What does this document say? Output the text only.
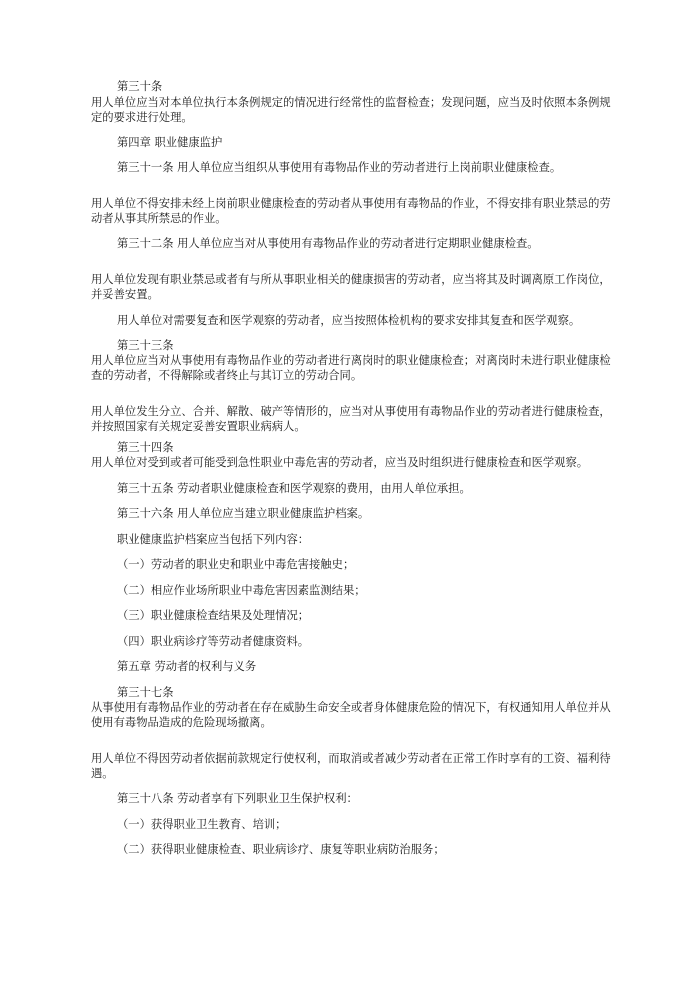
第三十条
用人单位应当对本单位执行本条例规定的情况进行经常性的监督检查；发现问题，应当及时依照本条例规
定的要求进行处理。
第四章 职业健康监护
第三十一条 用人单位应当组织从事使用有毒物品作业的劳动者进行上岗前职业健康检查。
用人单位不得安排未经上岗前职业健康检查的劳动者从事使用有毒物品的作业，不得安排有职业禁忌的劳
动者从事其所禁忌的作业。
第三十二条 用人单位应当对从事使用有毒物品作业的劳动者进行定期职业健康检查。
用人单位发现有职业禁忌或者有与所从事职业相关的健康损害的劳动者，应当将其及时调离原工作岗位，
并妥善安置。
用人单位对需要复查和医学观察的劳动者，应当按照体检机构的要求安排其复查和医学观察。
第三十三条
用人单位应当对从事使用有毒物品作业的劳动者进行离岗时的职业健康检查；对离岗时未进行职业健康检
查的劳动者，不得解除或者终止与其订立的劳动合同。
用人单位发生分立、合并、解散、破产等情形的，应当对从事使用有毒物品作业的劳动者进行健康检查，
并按照国家有关规定妥善安置职业病病人。
第三十四条
用人单位对受到或者可能受到急性职业中毒危害的劳动者，应当及时组织进行健康检查和医学观察。
第三十五条 劳动者职业健康检查和医学观察的费用，由用人单位承担。
第三十六条 用人单位应当建立职业健康监护档案。
职业健康监护档案应当包括下列内容：
（一）劳动者的职业史和职业中毒危害接触史；
（二）相应作业场所职业中毒危害因素监测结果；
（三）职业健康检查结果及处理情况；
（四）职业病诊疗等劳动者健康资料。
第五章 劳动者的权利与义务
第三十七条
从事使用有毒物品作业的劳动者在存在威胁生命安全或者身体健康危险的情况下，有权通知用人单位并从
使用有毒物品造成的危险现场撤离。
用人单位不得因劳动者依据前款规定行使权利，而取消或者减少劳动者在正常工作时享有的工资、福利待
遇。
第三十八条 劳动者享有下列职业卫生保护权利：
（一）获得职业卫生教育、培训；
（二）获得职业健康检查、职业病诊疗、康复等职业病防治服务；
